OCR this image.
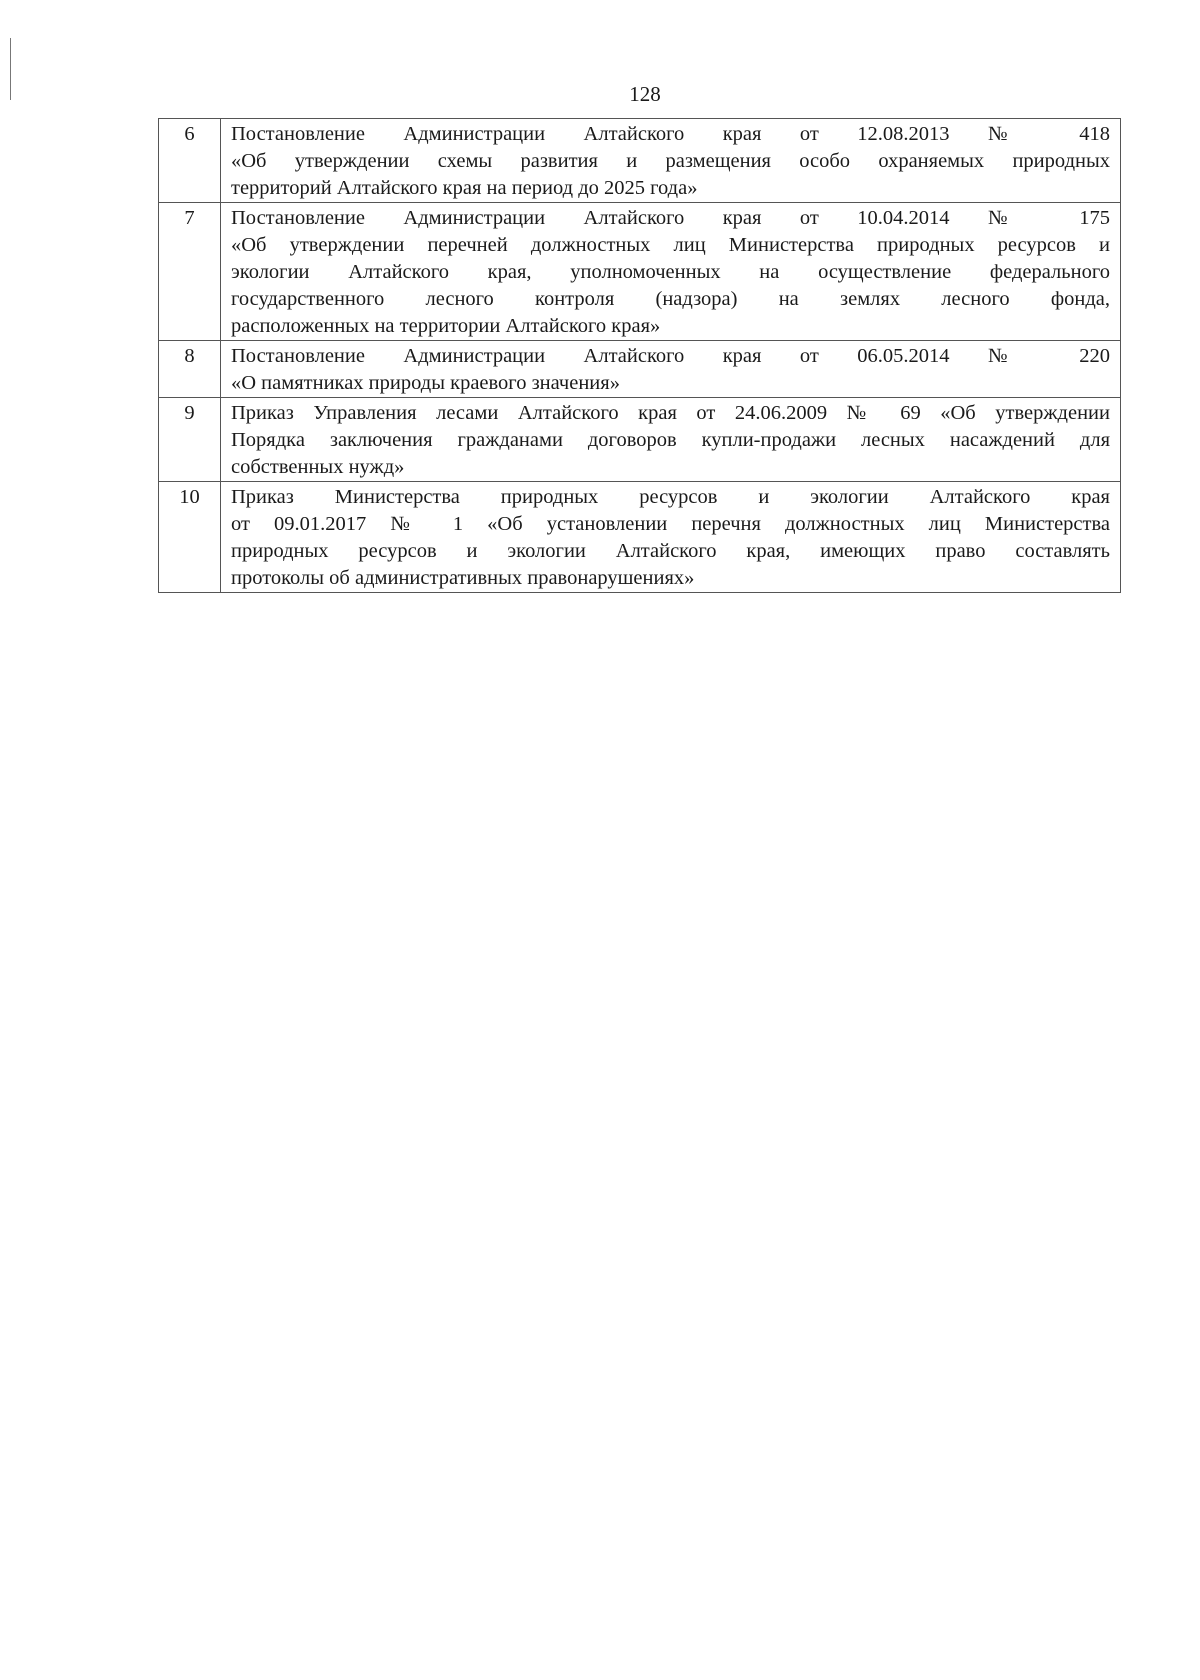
128
6	Постановление Администрации Алтайского края от 12.08.2013 № 418
«Об утверждении схемы развития и размещения особо охраняемых природных
территорий Алтайского края на период до 2025 года»

7	Постановление Администрации Алтайского края от 10.04.2014 № 175
«Об утверждении перечней должностных лиц Министерства природных ресурсов и
экологии Алтайского края, уполномоченных на осуществление федерального
государственного лесного контроля (надзора) на землях лесного фонда,
расположенных на территории Алтайского края»

8	Постановление Администрации Алтайского края от 06.05.2014 № 220
«О памятниках природы краевого значения»

9	Приказ Управления лесами Алтайского края от 24.06.2009 № 69 «Об утверждении
Порядка заключения гражданами договоров купли-продажи лесных насаждений для
собственных нужд»

10	Приказ Министерства природных ресурсов и экологии Алтайского края
от 09.01.2017 № 1 «Об установлении перечня должностных лиц Министерства
природных ресурсов и экологии Алтайского края, имеющих право составлять
протоколы об административных правонарушениях»
